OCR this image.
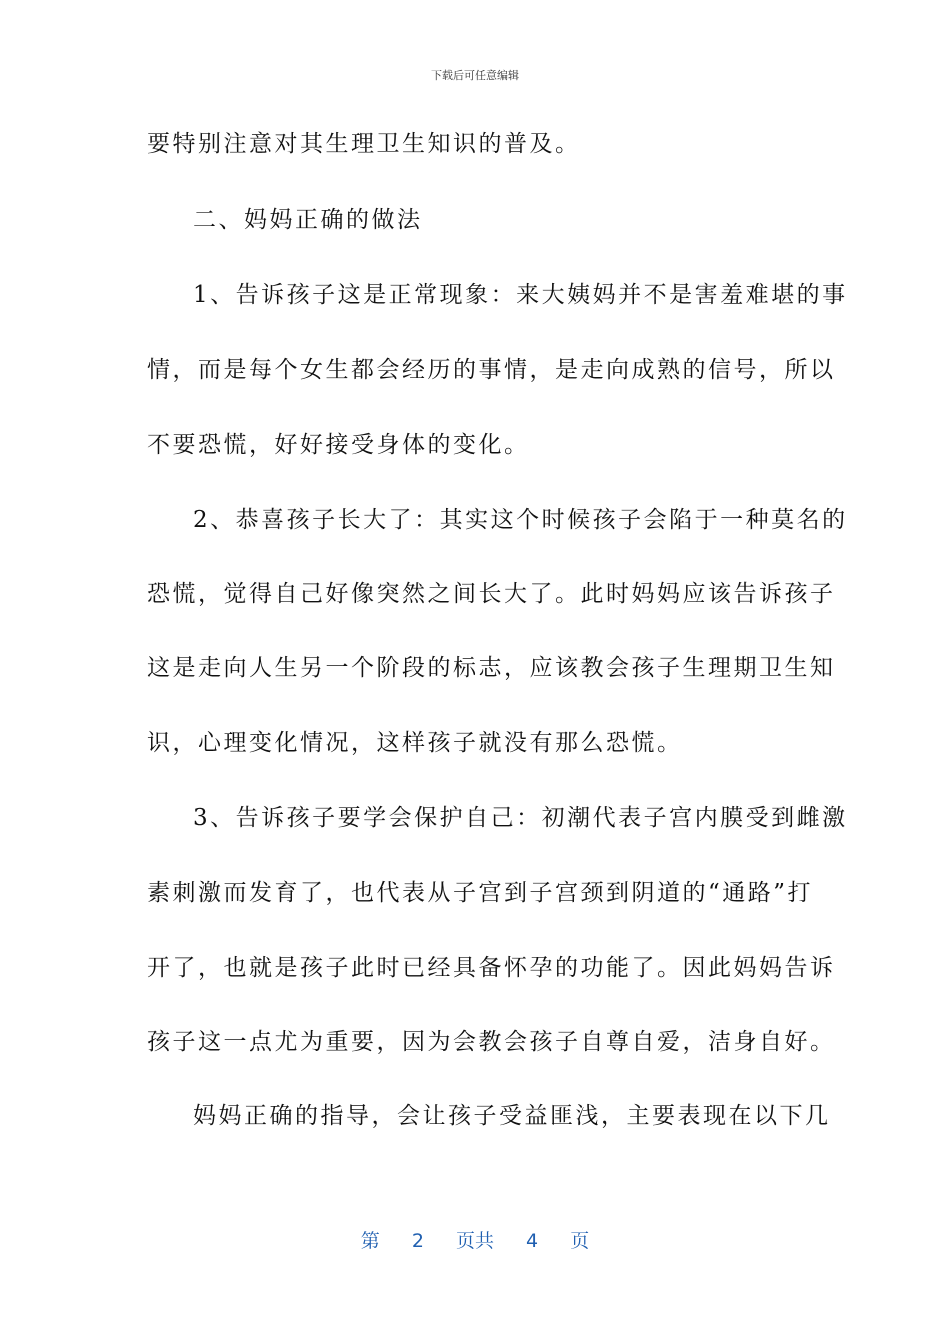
下载后可任意编辑
要特别注意对其生理卫生知识的普及。
二、妈妈正确的做法
1、告诉孩子这是正常现象：来大姨妈并不是害羞难堪的事
情，而是每个女生都会经历的事情，是走向成熟的信号，所以
不要恐慌，好好接受身体的变化。
2、恭喜孩子长大了：其实这个时候孩子会陷于一种莫名的
恐慌，觉得自己好像突然之间长大了。此时妈妈应该告诉孩子
这是走向人生另一个阶段的标志，应该教会孩子生理期卫生知
识，心理变化情况，这样孩子就没有那么恐慌。
3、告诉孩子要学会保护自己：初潮代表子宫内膜受到雌激
素刺激而发育了，也代表从子宫到子宫颈到阴道的“通路”打
开了，也就是孩子此时已经具备怀孕的功能了。因此妈妈告诉
孩子这一点尤为重要，因为会教会孩子自尊自爱，洁身自好。
妈妈正确的指导，会让孩子受益匪浅，主要表现在以下几
第 2 页共 4 页
